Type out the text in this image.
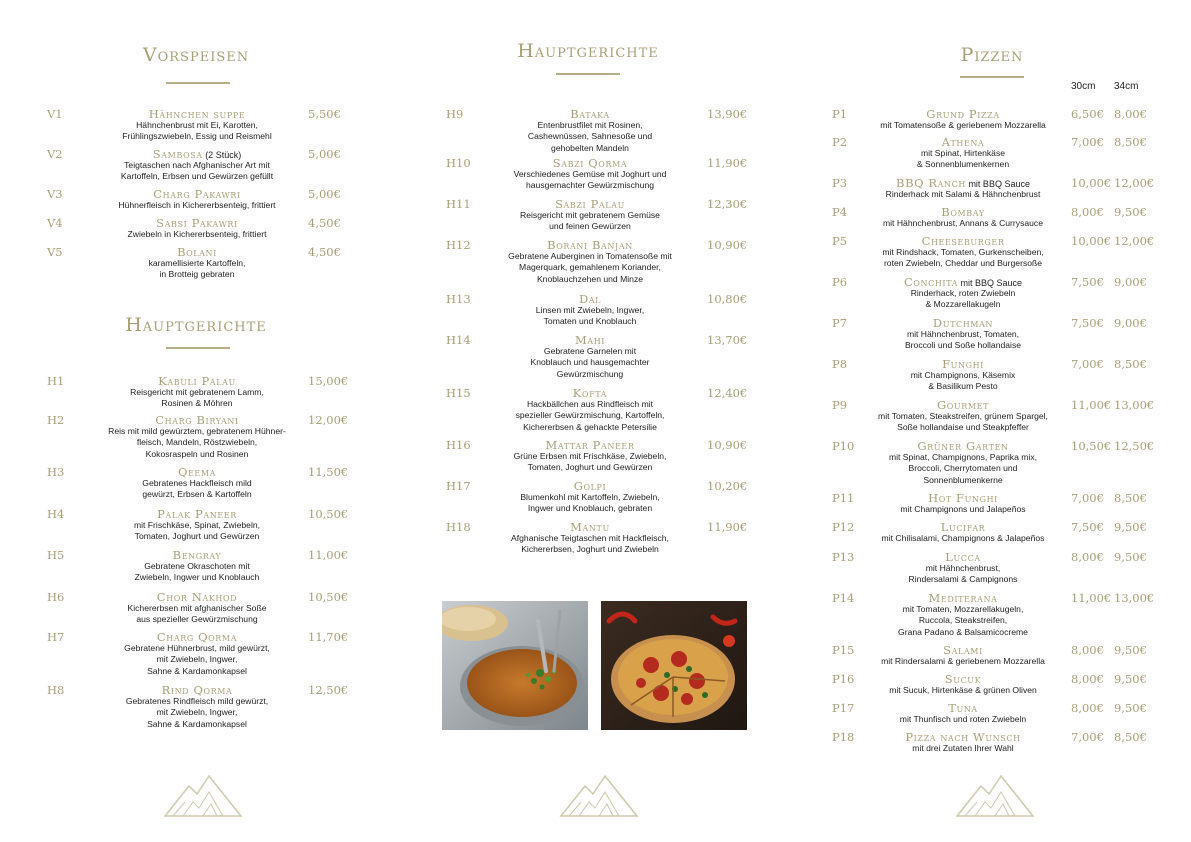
Vorspeisen
V1	Hähnchen suppe
Hähnchenbrust mit Ei, Karotten,
Frühlingszwiebeln, Essig und Reismehl
5,50€
V2	Sambosa (2 Stück)
Teigtaschen nach Afghanischer Art mit
Kartoffeln, Erbsen und Gewürzen gefüllt
5,00€
V3	Charg Pakawri
Hühnerfleisch in Kichererbsenteig, frittiert
5,00€
V4	Sabsi Pakawri
Zwiebeln in Kichererbsenteig, frittiert
4,50€
V5	Bolani
karamellisierte Kartoffeln,
in Brotteig gebraten
4,50€
Hauptgerichte
H1	Kabuli Palau
Reisgericht mit gebratenem Lamm,
Rosinen & Möhren
15,00€
H2	Charg Biryani
Reis mit mild gewürztem, gebratenem Hühner-
fleisch, Mandeln, Röstzwiebeln,
Kokosraspeln und Rosinen
12,00€
H3	Qeema
Gebratenes Hackfleisch mild
gewürzt, Erbsen & Kartoffeln
11,50€
H4	Palak Paneer
mit Frischkäse, Spinat, Zwiebeln,
Tomaten, Joghurt und Gewürzen
10,50€
H5	Bengray
Gebratene Okraschoten mit
Zwiebeln, Ingwer und Knoblauch
11,00€
H6	Chor Nakhod
Kichererbsen mit afghanischer Soße
aus spezieller Gewürzmischung
10,50€
H7	Charg Qorma
Gebratene Hühnerbrust, mild gewürzt,
mit Zwiebeln, Ingwer,
Sahne & Kardamonkapsel
11,70€
H8	Rind Qorma
Gebratenes Rindfleisch mild gewürzt,
mit Zwiebeln, Ingwer,
Sahne & Kardamonkapsel
12,50€
Hauptgerichte
H9	Bataka
Entenbrustfilet mit Rosinen,
Cashewnüssen, Sahnesoße und
gehobelten Mandeln
13,90€
H10	Sabzi Qorma
Verschiedenes Gemüse mit Joghurt und
hausgemachter Gewürzmischung
11,90€
H11	Sabzi Palau
Reisgericht mit gebratenem Gemüse
und feinen Gewürzen
12,30€
H12	Borani Banjan
Gebratene Auberginen in Tomatensoße mit
Magerquark, gemahlenem Koriander,
Knoblauchzehen und Minze
10,90€
H13	Dal
Linsen mit Zwiebeln, Ingwer,
Tomaten und Knoblauch
10,80€
H14	Mahi
Gebratene Garnelen mit
Knoblauch und hausgemachter
Gewürzmischung
13,70€
H15	Kofta
Hackbällchen aus Rindfleisch mit
spezieller Gewürzmischung, Kartoffeln,
Kichererbsen & gehackte Petersilie
12,40€
H16	Mattar Paneer
Grüne Erbsen mit Frischkäse, Zwiebeln,
Tomaten, Joghurt und Gewürzen
10,90€
H17	Golpi
Blumenkohl mit Kartoffeln, Zwiebeln,
Ingwer und Knoblauch, gebraten
10,20€
H18	Mantu
Afghanische Teigtaschen mit Hackfleisch,
Kichererbsen, Joghurt und Zwiebeln
11,90€
Pizzen
30cm 34cm
P1	Grund Pizza
mit Tomatensoße & geriebenem Mozzarella
6,50€ 8,00€
P2	Athena
mit Spinat, Hirtenkäse
& Sonnenblumenkernen
7,00€ 8,50€
P3	BBQ Ranch mit BBQ Sauce
Rinderhack mit Salami & Hähnchenbrust
10,00€ 12,00€
P4	Bombay
mit Hähnchenbrust, Annans & Currysauce
8,00€ 9,50€
P5	Cheeseburger
mit Rindshack, Tomaten, Gurkenscheiben,
roten Zwiebeln, Cheddar und Burgersoße
10,00€ 12,00€
P6	Conchita mit BBQ Sauce
Rinderhack, roten Zwiebeln
& Mozzarellakugeln
7,50€ 9,00€
P7	Dutchman
mit Hähnchenbrust, Tomaten,
Broccoli und Soße hollandaise
7,50€ 9,00€
P8	Funghi
mit Champignons, Käsemix
& Basilikum Pesto
7,00€ 8,50€
P9	Gourmet
mit Tomaten, Steakstreifen, grünem Spargel,
Soße hollandaise und Steakpfeffer
11,00€ 13,00€
P10	Grüner Garten
mit Spinat, Champignons, Paprika mix,
Broccoli, Cherrytomaten und
Sonnenblumenkerne
10,50€ 12,50€
P11	Hot Funghi
mit Champignons und Jalapeños
7,00€ 8,50€
P12	Lucifar
mit Chilisalami, Champignons & Jalapeños
7,50€ 9,50€
P13	Lucca
mit Hähnchenbrust,
Rindersalami & Campignons
8,00€ 9,50€
P14	Mediterana
mit Tomaten, Mozzarellakugeln,
Ruccola, Steakstreifen,
Grana Padano & Balsamicocreme
11,00€ 13,00€
P15	Salami
mit Rindersalami & geriebenem Mozzarella
8,00€ 9,50€
P16	Sucuk
mit Sucuk, Hirtenkäse & grünen Oliven
8,00€ 9,50€
P17	Tuna
mit Thunfisch und roten Zwiebeln
8,00€ 9,50€
P18	Pizza nach Wunsch
mit drei Zutaten Ihrer Wahl
7,00€ 8,50€
